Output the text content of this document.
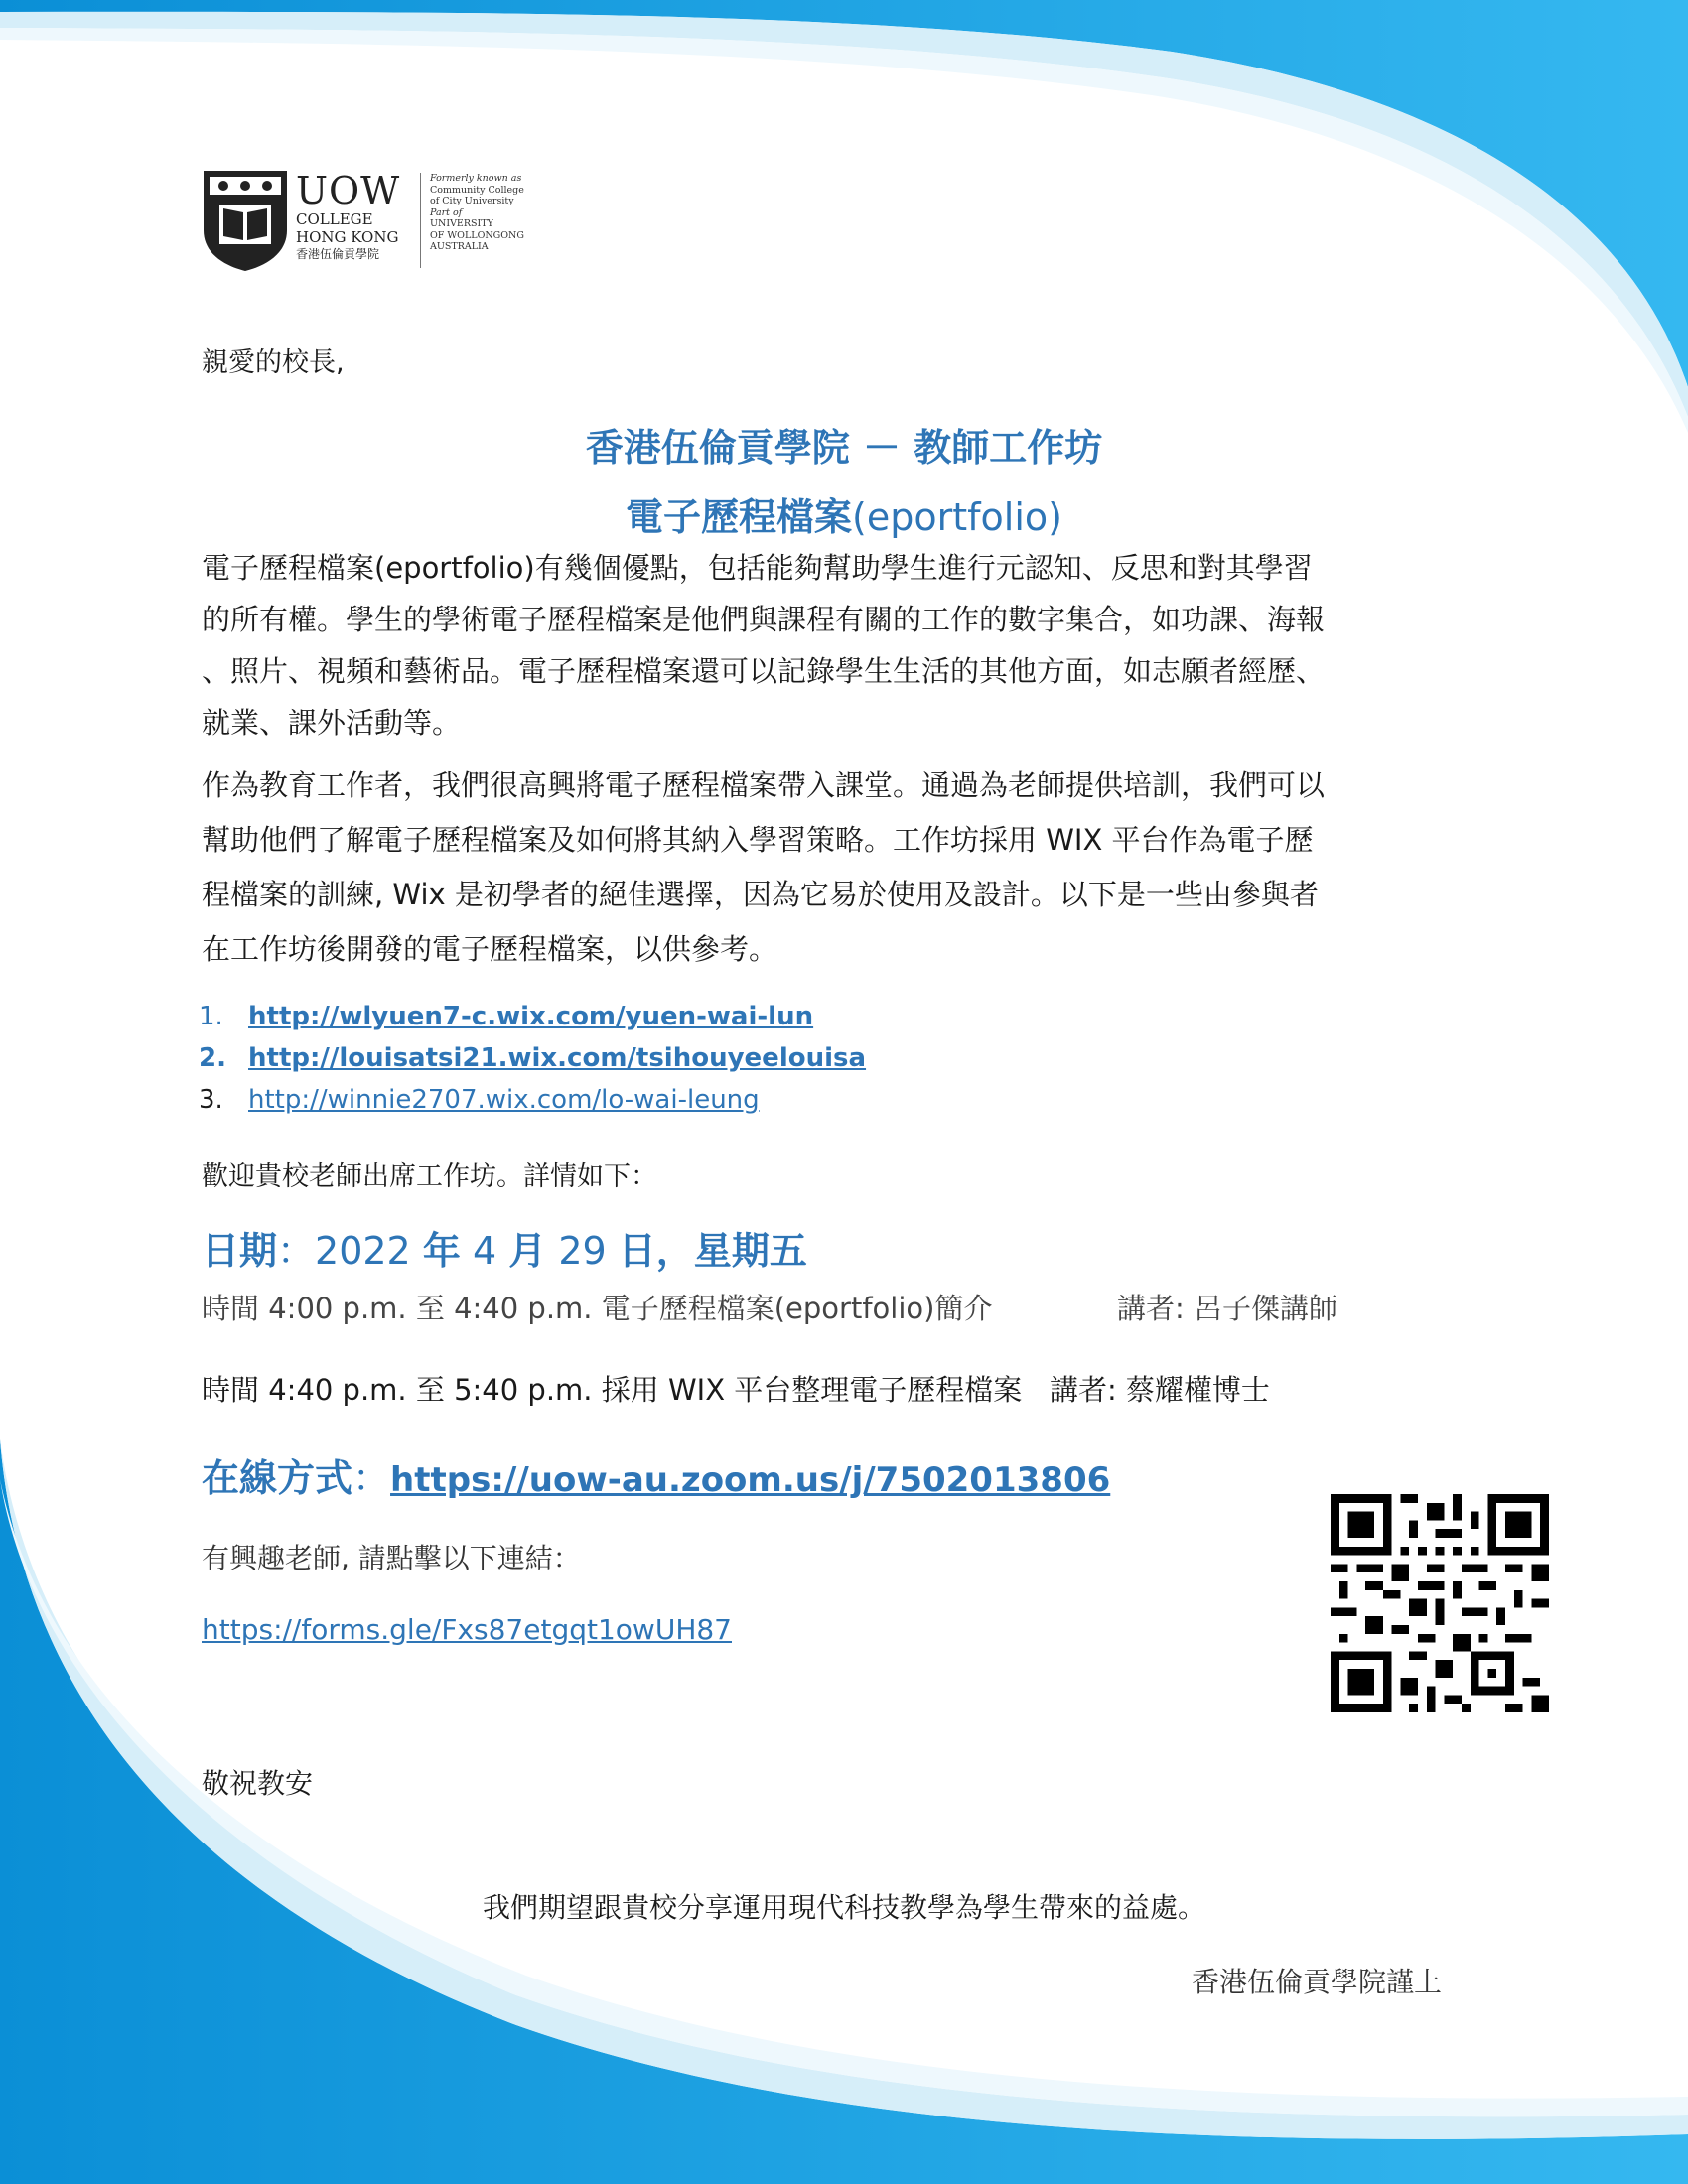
UOW
COLLEGE
HONG KONG
香港伍倫貢學院
Formerly known as
Community College
of City University
Part of
UNIVERSITY
OF WOLLONGONG
AUSTRALIA
親愛的校長,
香港伍倫貢學院 － 教師工作坊
電子歷程檔案(eportfolio)
電子歷程檔案(eportfolio)有幾個優點，包括能夠幫助學生進行元認知、反思和對其學習
的所有權。學生的學術電子歷程檔案是他們與課程有關的工作的數字集合，如功課、海報
、照片、視頻和藝術品。電子歷程檔案還可以記錄學生生活的其他方面，如志願者經歷、
就業、課外活動等。
作為教育工作者，我們很高興將電子歷程檔案帶入課堂。通過為老師提供培訓，我們可以
幫助他們了解電子歷程檔案及如何將其納入學習策略。工作坊採用 WIX 平台作為電子歷
程檔案的訓練, Wix 是初學者的絕佳選擇，因為它易於使用及設計。以下是一些由參與者
在工作坊後開發的電子歷程檔案，以供參考。
1. http://wlyuen7-c.wix.com/yuen-wai-lun
2. http://louisatsi21.wix.com/tsihouyeelouisa
3. http://winnie2707.wix.com/lo-wai-leung
歡迎貴校老師出席工作坊。詳情如下：
日期：2022 年 4 月 29 日，星期五
時間 4:00 p.m. 至 4:40 p.m. 電子歷程檔案(eportfolio)簡介	講者: 呂子傑講師
時間 4:40 p.m. 至 5:40 p.m. 採用 WIX 平台整理電子歷程檔案 講者: 蔡耀權博士
在線方式：https://uow-au.zoom.us/j/7502013806
有興趣老師, 請點擊以下連結：
https://forms.gle/Fxs87etgqt1owUH87
敬祝教安
我們期望跟貴校分享運用現代科技教學為學生帶來的益處。
香港伍倫貢學院謹上
